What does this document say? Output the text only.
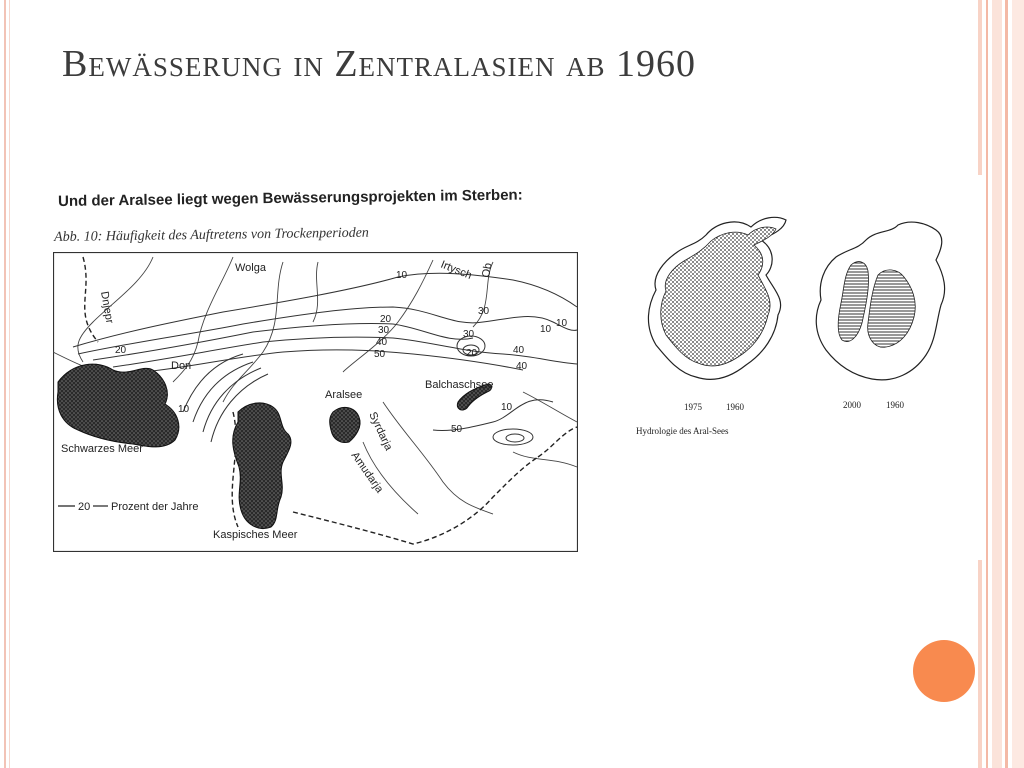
Bewässerung in Zentralasien ab 1960
Und der Aralsee liegt wegen Bewässerungsprojekten im Sterben:
Abb. 10: Häufigkeit des Auftretens von Trockenperioden
10
10
10
10	10
20
20
20
30	30
30
40
40
40
50
50
Wolga	Irtysch Ob
Dnjepr
Don
Schwarzes Meer
Kaspisches Meer
Aralsee
Balchaschsee
Syrdarja
Amudarja
20 Prozent der Jahre
1975	1960	2000	1960
Hydrologie des Aral-Sees
